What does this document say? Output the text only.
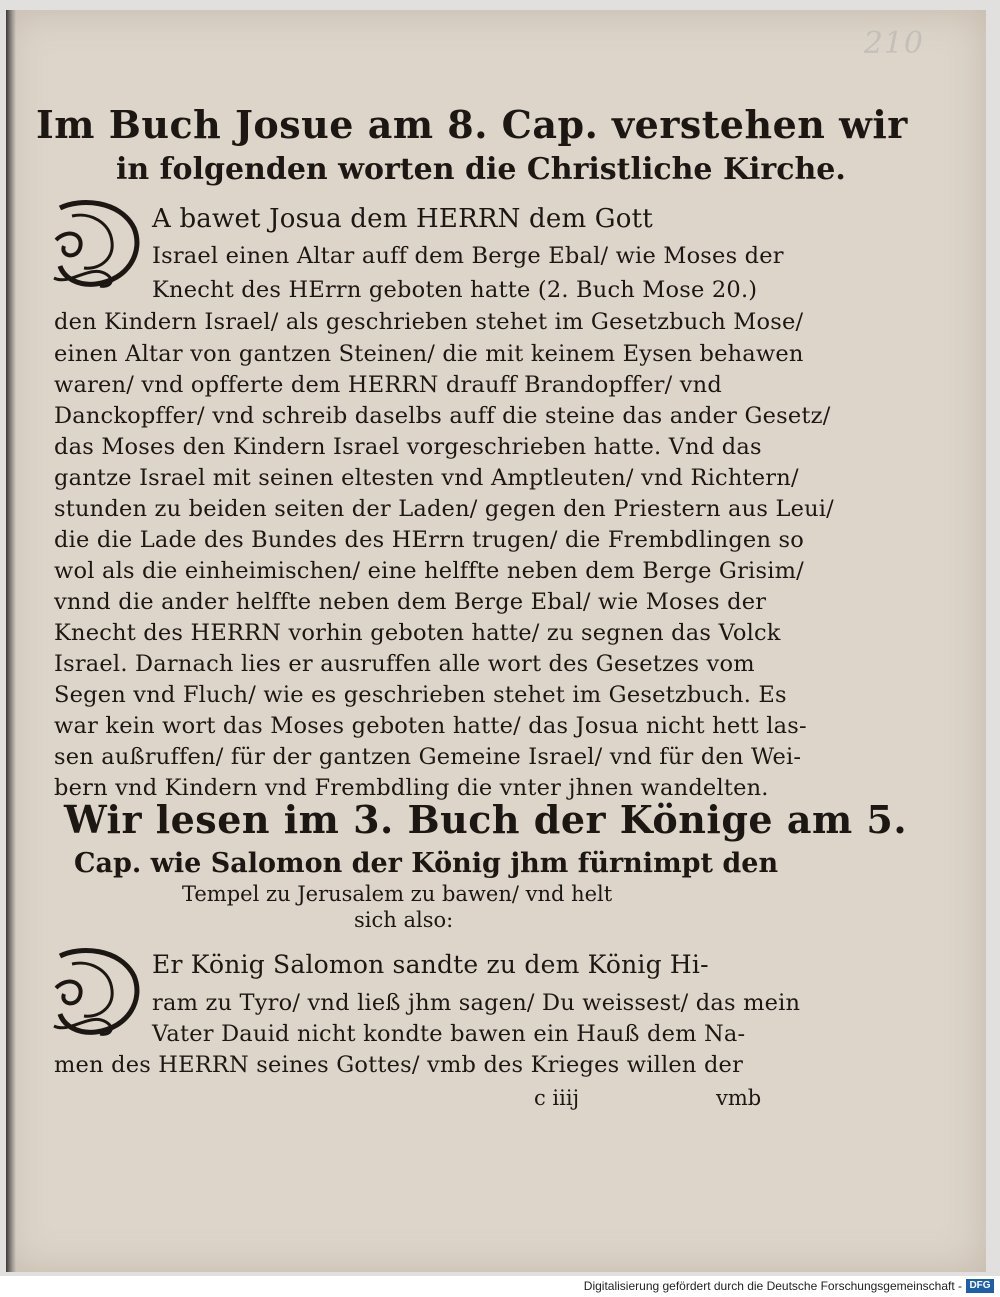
210
Im Buch Josue am 8. Cap. verstehen wir
in folgenden worten die Christliche Kirche.
A bawet Josua dem HERRN dem Gott
Israel einen Altar auff dem Berge Ebal/ wie Moses der
Knecht des HErrn geboten hatte (2. Buch Mose 20.)
den Kindern Israel/ als geschrieben stehet im Gesetzbuch Mose/
einen Altar von gantzen Steinen/ die mit keinem Eysen behawen
waren/ vnd opfferte dem HERRN drauff Brandopffer/ vnd
Danckopffer/ vnd schreib daselbs auff die steine das ander Gesetz/
das Moses den Kindern Israel vorgeschrieben hatte. Vnd das
gantze Israel mit seinen eltesten vnd Amptleuten/ vnd Richtern/
stunden zu beiden seiten der Laden/ gegen den Priestern aus Leui/
die die Lade des Bundes des HErrn trugen/ die Frembdlingen so
wol als die einheimischen/ eine helffte neben dem Berge Grisim/
vnnd die ander helffte neben dem Berge Ebal/ wie Moses der
Knecht des HERRN vorhin geboten hatte/ zu segnen das Volck
Israel. Darnach lies er ausruffen alle wort des Gesetzes vom
Segen vnd Fluch/ wie es geschrieben stehet im Gesetzbuch. Es
war kein wort das Moses geboten hatte/ das Josua nicht hett las-
sen außruffen/ für der gantzen Gemeine Israel/ vnd für den Wei-
bern vnd Kindern vnd Frembdling die vnter jhnen wandelten.
Wir lesen im 3. Buch der Könige am 5.
Cap. wie Salomon der König jhm fürnimpt den
Tempel zu Jerusalem zu bawen/ vnd helt
sich also:
Er König Salomon sandte zu dem König Hi-
ram zu Tyro/ vnd ließ jhm sagen/ Du weissest/ das mein
Vater Dauid nicht kondte bawen ein Hauß dem Na-
men des HERRN seines Gottes/ vmb des Krieges willen der
c iiij	vmb
Digitalisierung gefördert durch die Deutsche Forschungsgemeinschaft - DFG
